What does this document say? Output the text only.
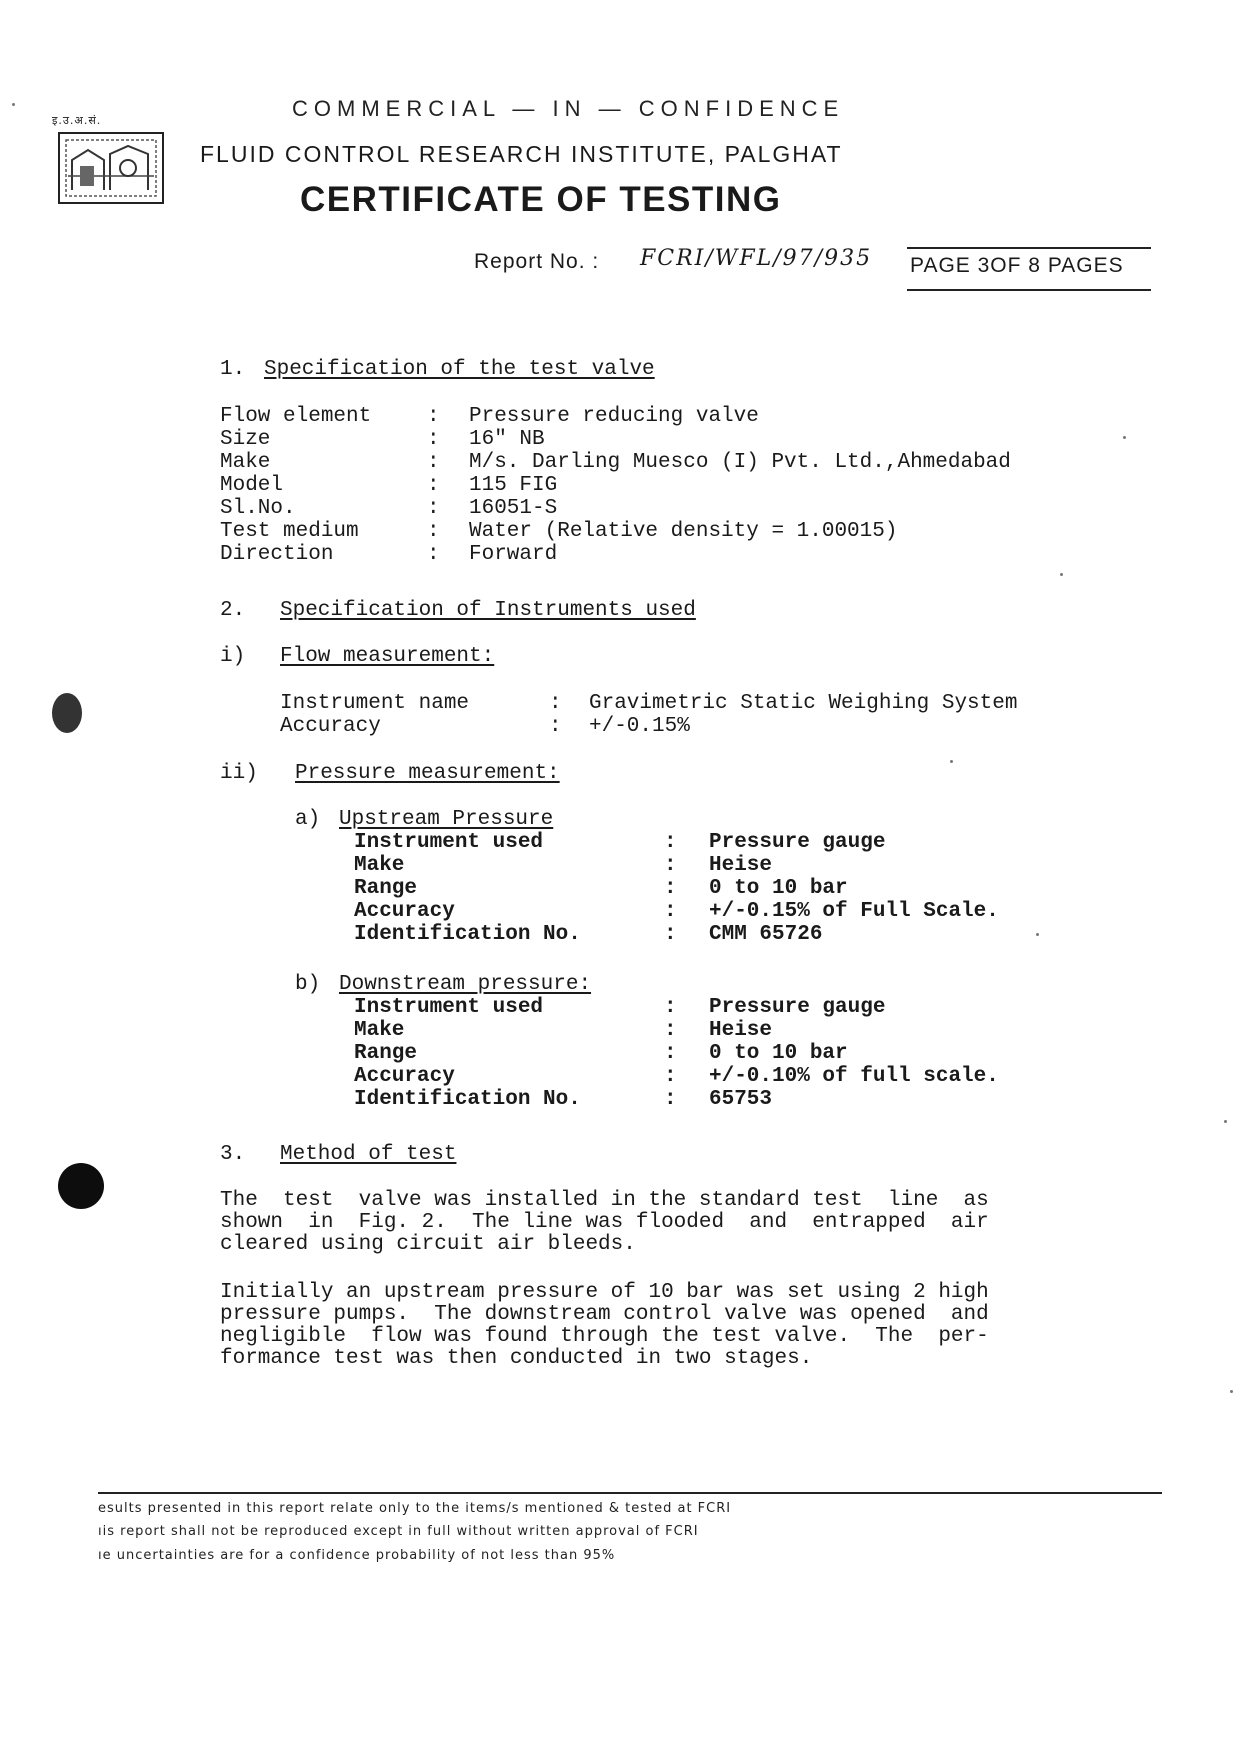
इ.उ.अ.सं.	COMMERCIAL — IN — CONFIDENCE
FLUID CONTROL RESEARCH INSTITUTE, PALGHAT
CERTIFICATE OF TESTING
Report No. : FCRI/WFL/97/935 PAGE 3OF 8 PAGES
1. Specification of the test valve
Flow element	: Pressure reducing valve
Size	: 16" NB
Make	: M/s. Darling Muesco (I) Pvt. Ltd.,Ahmedabad
Model	: 115 FIG
Sl.No.	: 16051-S
Test medium	: Water (Relative density = 1.00015)
Direction	: Forward
2. Specification of Instruments used
i) Flow measurement:
Instrument name	: Gravimetric Static Weighing System
Accuracy	: +/-0.15%
ii) Pressure measurement:
a) Upstream Pressure
Instrument used	: Pressure gauge
Make	: Heise
Range	: 0 to 10 bar
Accuracy	: +/-0.15% of Full Scale.
Identification No.	: CMM 65726
b) Downstream pressure:
Instrument used	: Pressure gauge
Make	: Heise
Range	: 0 to 10 bar
Accuracy	: +/-0.10% of full scale.
Identification No.	: 65753
3. Method of test
The  test  valve was installed in the standard test  line  as
shown  in  Fig. 2.  The line was flooded  and  entrapped  air
cleared using circuit air bleeds.
Initially an upstream pressure of 10 bar was set using 2 high
pressure pumps.  The downstream control valve was opened  and
negligible  flow was found through the test valve.  The  per-
formance test was then conducted in two stages.
esults presented in this report relate only to the items/s mentioned & tested at FCRI
ıis report shall not be reproduced except in full without written approval of FCRI
ıe uncertainties are for a confidence probability of not less than 95%
